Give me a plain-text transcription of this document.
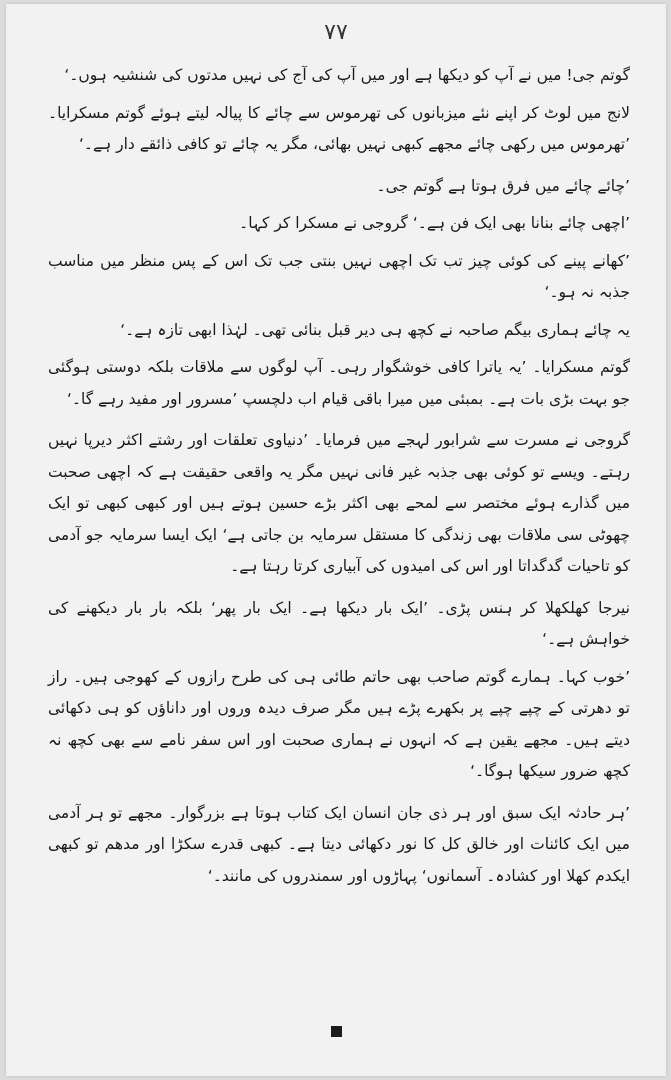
٧٧

گوتم جی! میں نے آپ کو دیکھا ہے اور میں آپ کی آج کی نہیں مدتوں کی شنشیہ ہوں۔‘

لانج میں لوٹ کر اپنے نئے میزبانوں کی تھرموس سے چائے کا پیالہ لیتے ہوئے گوتم مسکرایا۔ ’تھرموس میں رکھی چائے مجھے کبھی نہیں بھائی، مگر یہ چائے تو کافی ذائقے دار ہے۔‘

’چائے چائے میں فرق ہوتا ہے گوتم جی۔

’اچھی چائے بنانا بھی ایک فن ہے۔‘ گروجی نے مسکرا کر کہا۔

’کھانے پینے کی کوئی چیز تب تک اچھی نہیں بنتی جب تک اس کے پس منظر میں مناسب جذبہ نہ ہو۔‘

یہ چائے ہماری بیگم صاحبہ نے کچھ ہی دیر قبل بنائی تھی۔ لہٰذا ابھی تازہ ہے۔‘

گوتم مسکرایا۔ ’یہ یاترا کافی خوشگوار رہی۔ آپ لوگوں سے ملاقات بلکہ دوستی ہوگئی جو بہت بڑی بات ہے۔ بمبئی میں میرا باقی قیام اب دلچسپ ’مسرور اور مفید رہے گا۔‘

گروجی نے مسرت سے شرابور لہجے میں فرمایا۔ ’دنیاوی تعلقات اور رشتے اکثر دیرپا نہیں رہتے۔ ویسے تو کوئی بھی جذبہ غیر فانی نہیں مگر یہ واقعی حقیقت ہے کہ اچھی صحبت میں گذارے ہوئے مختصر سے لمحے بھی اکثر بڑے حسین ہوتے ہیں اور کبھی کبھی تو ایک چھوٹی سی ملاقات بھی زندگی کا مستقل سرمایہ بن جاتی ہے‘ ایک ایسا سرمایہ جو آدمی کو تاحیات گدگداتا اور اس کی امیدوں کی آبیاری کرتا رہتا ہے۔

نیرجا کھلکھلا کر ہنس پڑی۔ ’ایک بار دیکھا ہے۔ ایک بار پھر‘ بلکہ بار بار دیکھنے کی خواہش ہے۔‘

’خوب کہا۔ ہمارے گوتم صاحب بھی حاتم طائی ہی کی طرح رازوں کے کھوجی ہیں۔ راز تو دھرتی کے چپے چپے پر بکھرے پڑے ہیں مگر صرف دیدہ وروں اور داناؤں کو ہی دکھائی دیتے ہیں۔ مجھے یقین ہے کہ انہوں نے ہماری صحبت اور اس سفر نامے سے بھی کچھ نہ کچھ ضرور سیکھا ہوگا۔‘

’ہر حادثہ ایک سبق اور ہر ذی جان انسان ایک کتاب ہوتا ہے بزرگوار۔ مجھے تو ہر آدمی میں ایک کائنات اور خالق کل کا نور دکھائی دیتا ہے۔ کبھی قدرے سکڑا اور مدھم تو کبھی ایکدم کھلا اور کشادہ۔ آسمانوں‘ پہاڑوں اور سمندروں کی مانند۔‘
